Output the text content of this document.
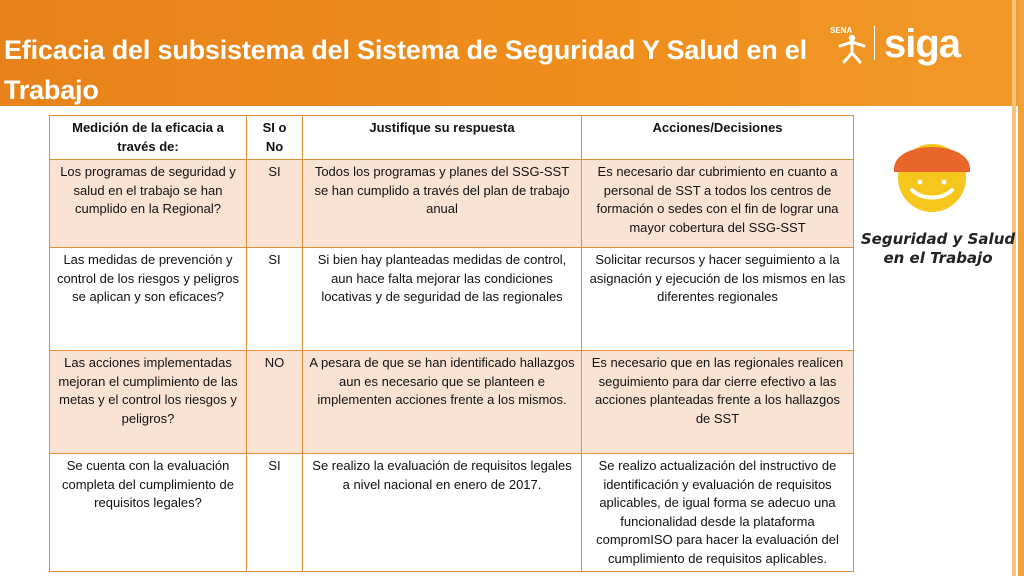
Eficacia del subsistema del Sistema de Seguridad Y Salud en el Trabajo
SENA siga
Medición de la eficacia a través de:	SI o No	Justifique su respuesta	Acciones/Decisiones
Los programas de seguridad y salud en el trabajo se han cumplido en la Regional?	SI	Todos los programas y planes del SSG-SST se han cumplido a través del plan de trabajo anual	Es necesario dar cubrimiento en cuanto a personal de SST a todos los centros de formación o sedes con el fin de lograr una mayor cobertura del SSG-SST
Las medidas de prevención y control de los riesgos y peligros se aplican y son eficaces?	SI	Si bien hay planteadas medidas de control, aun hace falta mejorar las condiciones locativas y de seguridad de las regionales	Solicitar recursos y hacer seguimiento a la asignación y ejecución de los mismos en las diferentes regionales
Las acciones implementadas mejoran el cumplimiento de las metas y el control los riesgos y peligros?	NO	A pesara de que se han identificado hallazgos aun es necesario que se planteen e implementen acciones frente a los mismos.	Es necesario que en las regionales realicen seguimiento para dar cierre efectivo a las acciones planteadas frente a los hallazgos de SST
Se cuenta con la evaluación completa del cumplimiento de requisitos legales?	SI	Se realizo la evaluación de requisitos legales a nivel nacional en enero de 2017.	Se realizo actualización del instructivo de identificación y evaluación de requisitos aplicables, de igual forma se adecuo una funcionalidad desde la plataforma compromISO para hacer la evaluación del cumplimiento de requisitos aplicables.
Seguridad y Salud
en el Trabajo
